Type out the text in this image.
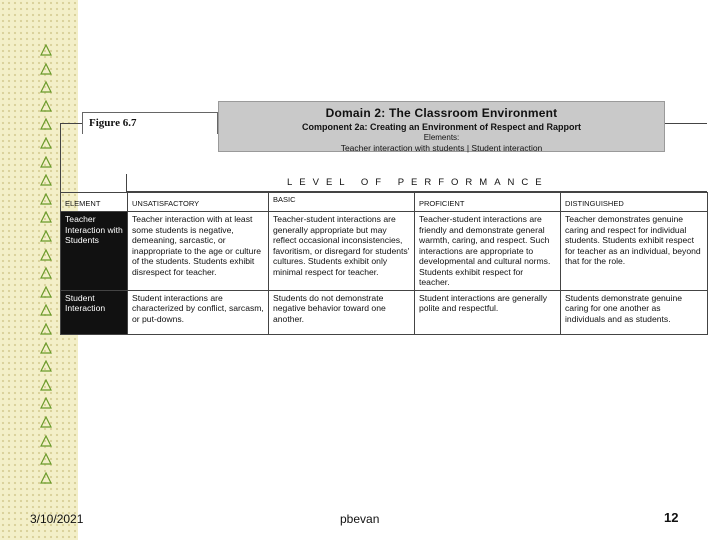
Domain 2: The Classroom Environment
Component 2a: Creating an Environment of Respect and Rapport
Elements:
Teacher interaction with students | Student interaction
Figure 6.7
LEVEL OF PERFORMANCE
ELEMENT	UNSATISFACTORY	BASIC	PROFICIENT	DISTINGUISHED
Teacher Interaction with Students	Teacher interaction with at least some students is negative, demeaning, sarcastic, or inappropriate to the age or culture of the students. Students exhibit disrespect for teacher.	Teacher-student interactions are generally appropriate but may reflect occasional inconsistencies, favoritism, or disregard for students' cultures. Students exhibit only minimal respect for teacher.	Teacher-student interactions are friendly and demonstrate general warmth, caring, and respect. Such interactions are appropriate to developmental and cultural norms. Students exhibit respect for teacher.	Teacher demonstrates genuine caring and respect for individual students. Students exhibit respect for teacher as an individual, beyond that for the role.
Student Interaction	Student interactions are characterized by conflict, sarcasm, or put-downs.	Students do not demonstrate negative behavior toward one another.	Student interactions are generally polite and respectful.	Students demonstrate genuine caring for one another as individuals and as students.
3/10/2021	pbevan	12
